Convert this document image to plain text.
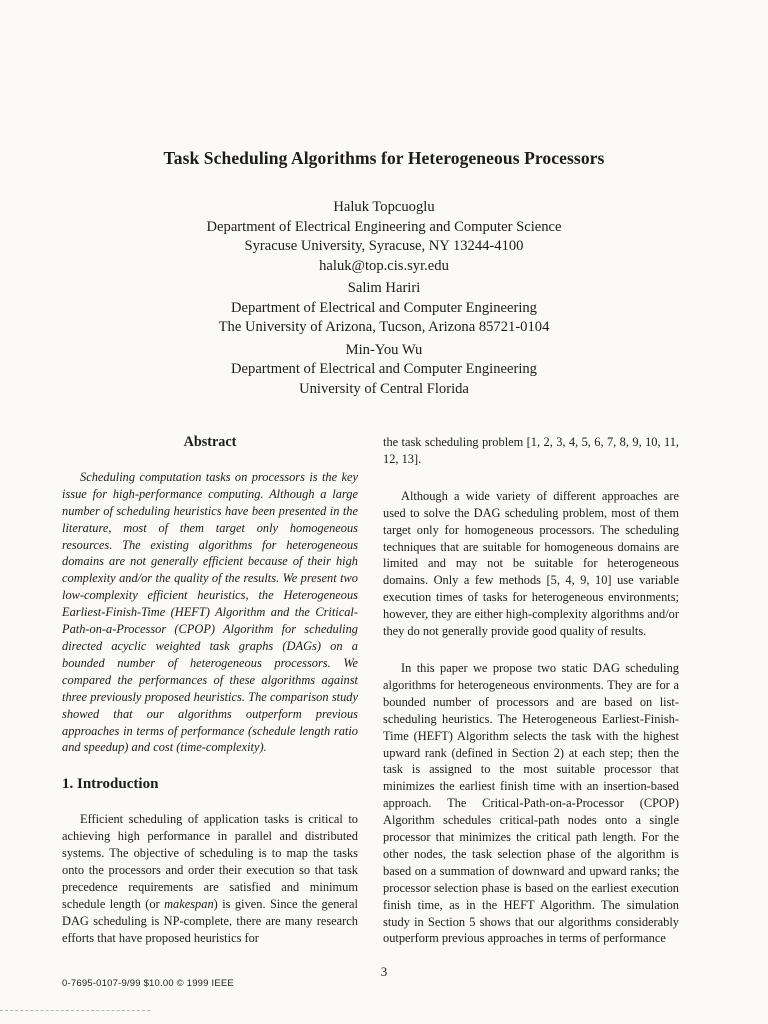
Task Scheduling Algorithms for Heterogeneous Processors
Haluk Topcuoglu
Department of Electrical Engineering and Computer Science
Syracuse University, Syracuse, NY 13244-4100
haluk@top.cis.syr.edu
Salim Hariri
Department of Electrical and Computer Engineering
The University of Arizona, Tucson, Arizona 85721-0104
Min-You Wu
Department of Electrical and Computer Engineering
University of Central Florida
Abstract

Scheduling computation tasks on processors is the key issue for high-performance computing. Although a large number of scheduling heuristics have been presented in the literature, most of them target only homogeneous resources. The existing algorithms for heterogeneous domains are not generally efficient because of their high complexity and/or the quality of the results. We present two low-complexity efficient heuristics, the Heterogeneous Earliest-Finish-Time (HEFT) Algorithm and the Critical-Path-on-a-Processor (CPOP) Algorithm for scheduling directed acyclic weighted task graphs (DAGs) on a bounded number of heterogeneous processors. We compared the performances of these algorithms against three previously proposed heuristics. The comparison study showed that our algorithms outperform previous approaches in terms of performance (schedule length ratio and speedup) and cost (time-complexity).

1. Introduction

Efficient scheduling of application tasks is critical to achieving high performance in parallel and distributed systems. The objective of scheduling is to map the tasks onto the processors and order their execution so that task precedence requirements are satisfied and minimum schedule length (or makespan) is given. Since the general DAG scheduling is NP-complete, there are many research efforts that have proposed heuristics for

the task scheduling problem [1, 2, 3, 4, 5, 6, 7, 8, 9, 10, 11, 12, 13].

Although a wide variety of different approaches are used to solve the DAG scheduling problem, most of them target only for homogeneous processors. The scheduling techniques that are suitable for homogeneous domains are limited and may not be suitable for heterogeneous domains. Only a few methods [5, 4, 9, 10] use variable execution times of tasks for heterogeneous environments; however, they are either high-complexity algorithms and/or they do not generally provide good quality of results.

In this paper we propose two static DAG scheduling algorithms for heterogeneous environments. They are for a bounded number of processors and are based on list-scheduling heuristics. The Heterogeneous Earliest-Finish-Time (HEFT) Algorithm selects the task with the highest upward rank (defined in Section 2) at each step; then the task is assigned to the most suitable processor that minimizes the earliest finish time with an insertion-based approach. The Critical-Path-on-a-Processor (CPOP) Algorithm schedules critical-path nodes onto a single processor that minimizes the critical path length. For the other nodes, the task selection phase of the algorithm is based on a summation of downward and upward ranks; the processor selection phase is based on the earliest execution finish time, as in the HEFT Algorithm. The simulation study in Section 5 shows that our algorithms considerably outperform previous approaches in terms of performance

3
0-7695-0107-9/99 $10.00 © 1999 IEEE
